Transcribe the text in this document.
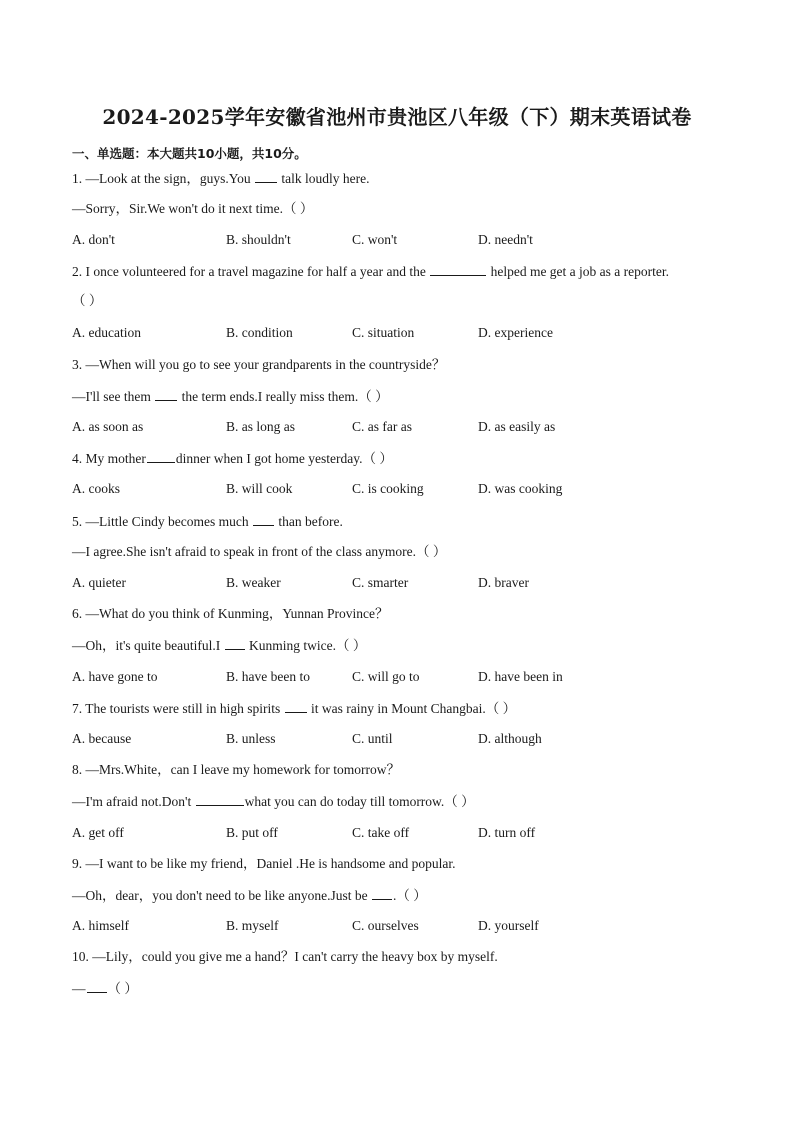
2024-2025学年安徽省池州市贵池区八年级（下）期末英语试卷
一、单选题：本大题共10小题，共10分。
1. —Look at the sign，guys.You  talk loudly here.
—Sorry，Sir.We won't do it next time.（ ）
A. don't	B. shouldn't	C. won't	D. needn't
2. I once volunteered for a travel magazine for half a year and the	helped me get a job as a reporter.
（ ）
A. education	B. condition	C. situation	D. experience
3. —When will you go to see your grandparents in the countryside？
—I'll see them  the term ends.I really miss them.（ ）
A. as soon as	B. as long as	C. as far as	D. as easily as
4. My mother dinner when I got home yesterday.（ ）
A. cooks	B. will cook	C. is cooking	D. was cooking
5. —Little Cindy becomes much  than before.
—I agree.She isn't afraid to speak in front of the class anymore.（ ）
A. quieter	B. weaker	C. smarter	D. braver
6. —What do you think of Kunming，Yunnan Province？
—Oh，it's quite beautiful.I  Kunming twice.（ ）
A. have gone to	B. have been to	C. will go to	D. have been in
7. The tourists were still in high spirits  it was rainy in Mount Changbai.（ ）
A. because	B. unless	C. until	D. although
8. —Mrs.White，can I leave my homework for tomorrow？
—I'm afraid not.Don't	what you can do today till tomorrow.（ ）
A. get off	B. put off	C. take off	D. turn off
9. —I want to be like my friend，Daniel .He is handsome and popular.
—Oh，dear，you don't need to be like anyone.Just be .（ ）
A. himself	B. myself	C. ourselves	D. yourself
10. —Lily，could you give me a hand？I can't carry the heavy box by myself.
— （ ）
